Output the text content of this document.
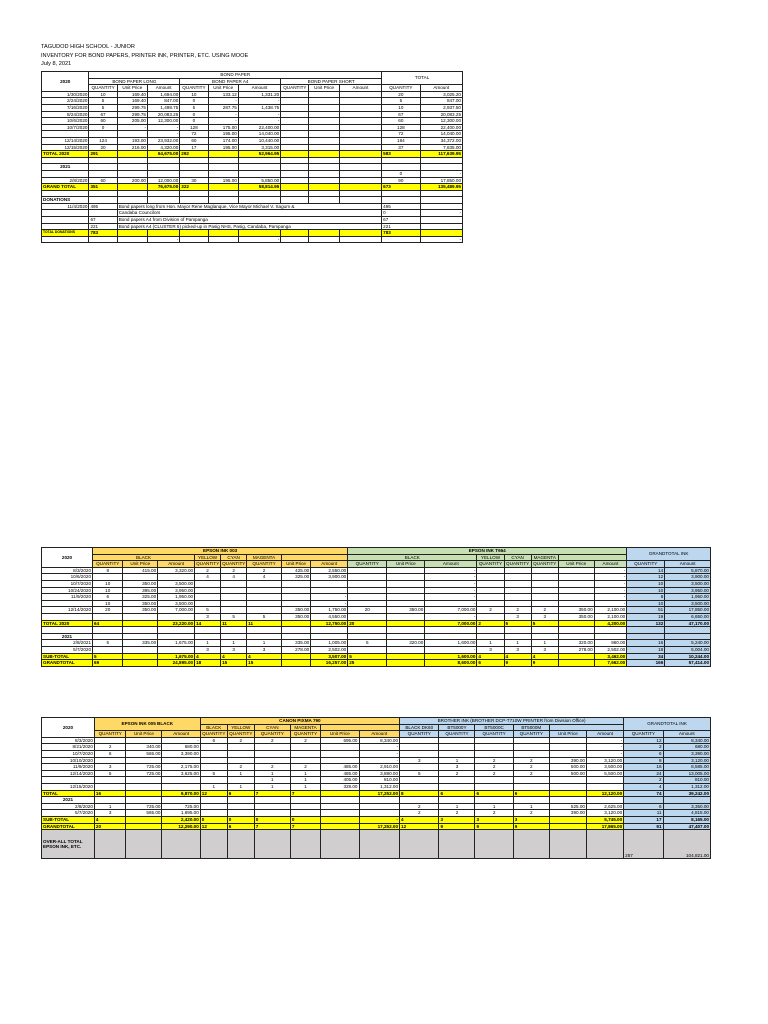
TAGUDOD HIGH SCHOOL - JUNIOR
INVENTORY FOR BOND PAPERS, PRINTER INK, PRINTER, ETC. USING MOOE
July 8, 2021
2020	BOND PAPER									TOTAL	
	BOND PAPER LONG			BOND PAPER A4			BOND PAPER SHORT				
	QUANTITY	Unit Price	Amount	QUANTITY	Unit Price	Amount	QUANTITY	Unit Price	Amount	QUANTITY	Amount
1/30/2020	10	169.40	1,694.00	10	133.12	1,331.20				20	3,025.20
2/24/2020	5	169.40	847.00	0	-	-				5	847.00
7/16/2020	5	299.75	1,498.75	5	287.75	1,438.75				10	2,937.50
8/24/2020	67	299.75	20,083.25	0	-	-				67	20,083.25
10/6/2020	60	205.00	12,300.00	0	-	-				60	12,300.00
10/7/2020	0	-	-	128	175.00	22,400.00				128	22,400.00
			-	72	195.00	14,040.00				72	14,040.00
12/14/2020	124	193.00	23,932.00	60	174.00	10,440.00				184	34,372.00
12/15/2020	20	216.00	4,320.00	17	195.00	3,315.00				37	7,635.00
TOTAL 2020	291		64,675.00	292		52,964.95				583	117,639.95

2021											
										0	-
2/8/2020	60	200.00	12,000.00	30	195.00	5,850.00				90	17,850.00
GRAND TOTAL	351		76,675.00	322		58,814.95				673	135,489.95

DONATIONS											
11/4/2020	495	Bond papers long from Hon. Mayor Rene Maglanque, Vice Mayor Michael V. Sagum &								495	
		Candaba Councilors								0	-
	67	Bond papers A4 from Division of Pampanga								67	
	221	Bond papers A4 (CLUSTER 5) picked-up in Pasig NHS, Pasig, Candaba, Pampanga								221	
TOTAL DONATIONS	783									783	
			-			-					-
2020	EPSON INK 003								EPSON INK T664								GRANDTOTAL INK	
	BLACK			YELLOW	CYAN	MAGENTA			BLACK			YELLOW	CYAN	MAGENTA				
	QUANTITY	Unit Price	Amount	QUANTITY	QUANTITY	QUANTITY	Unit Price	Amount	QUANTITY	Unit Price	Amount	QUANTITY	QUANTITY	QUANTITY	Unit Price	Amount	QUANTITY	Amount
8/3/2020	8	415.00	3,320.00	2	2	2	425.00	2,550.00			-					-	14	5,870.00
10/6/2020				4	4	4	325.00	3,900.00			-					-	12	3,900.00
10/7/2020	10	350.00	3,500.00								-					-	10	3,500.00
10/24/2020	10	395.00	3,950.00								-					-	10	3,950.00
11/9/2020	6	325.00	1,950.00					-			-					-	6	1,950.00
	10	350.00	3,500.00					-			-					-	10	3,500.00
12/14/2020	20	350.00	7,000.00	5			350.00	1,750.00	20	350.00	7,000.00	2	2	2	350.00	2,100.00	51	17,850.00
				3	5	5	350.00	4,550.00			-		3	3	350.00	2,100.00	19	6,650.00
TOTAL 2020	64		23,220.00	14	11	11		12,750.00	20		7,000.00	2	5	5		4,200.00	132	47,170.00

2021																		
2/8/2021	5	335.00	1,675.00	1	1	1	335.00	1,005.00	5	320.00	1,600.00	1	1	1	320.00	960.00	16	5,240.00
5/7/2020				3	3	3	278.00	2,502.00			-	3	3	3	278.00	2,502.00	18	5,004.00
SUB-TOTAL	5		1,675.00	4	4	4		3,507.00	5		1,600.00	4	4	4		3,462.00	34	10,244.00
GRANDTOTAL	69		24,895.00	18	15	15		16,257.00	25		8,600.00	6	9	9		7,662.00	166	57,414.00
2020	EPSON INK 005 BLACK			CANON PIXMA 790						BROTHER INK (BROTHER DCP-T710W PRINTER from Division Office)						GRANDTOTAL INK	
				BLACK	YELLOW	CYAN	MAGENTA			BLACK DK60	BT5000Y	BT5000C	BT5000M				
	QUANTITY	Unit Price	Amount	QUANTITY	QUANTITY	QUANTITY	QUANTITY	Unit Price	Amount	QUANTITY	QUANTITY	QUANTITY	QUANTITY	Unit Price	Amount	QUANTITY	Amount
8/3/2020			-	6	2	2	2	695.00	8,340.00						-	12	8,340.00
8/21/2020	2	340.00	680.00						-						-	2	680.00
10/7/2020	6	565.00	3,390.00						-						-	6	3,390.00
10/10/2020									-	3	1	2	2	390.00	3,120.00	8	3,120.00
11/9/2020	3	725.00	2,175.00		2	2	2	485.00	2,910.00		3	2	2	500.00	3,500.00	16	8,585.00
12/14/2020	5	725.00	3,625.00	5	1	1	1	485.00	3,880.00	5	2	2	2	500.00	5,500.00	24	13,005.00
						1	1	405.00	810.00							2	810.00
12/15/2020				1	1	1	1	328.00	1,312.00							4	1,312.00
TOTAL	16		9,870.00	12	6	7	7		17,252.00	8	6	6	6		12,120.00	74	39,242.00
2021																	
2/8/2020	1	725.00	725.00							2	1	1	1	525.00	2,625.00	6	3,350.00
5/7/2020	3	565.00	1,695.00							2	2	2	2	390.00	3,120.00	11	4,815.00
SUB-TOTAL	4		2,420.00	0	0	0	0		-	4	3	3	3		5,745.00	17	8,165.00
GRANDTOTAL	20		12,290.00	12	6	7	7		17,252.00	12	9	9	9		17,865.00	91	47,407.00
OVER-ALL TOTAL EPSON INK, ETC.																257	104,821.00
